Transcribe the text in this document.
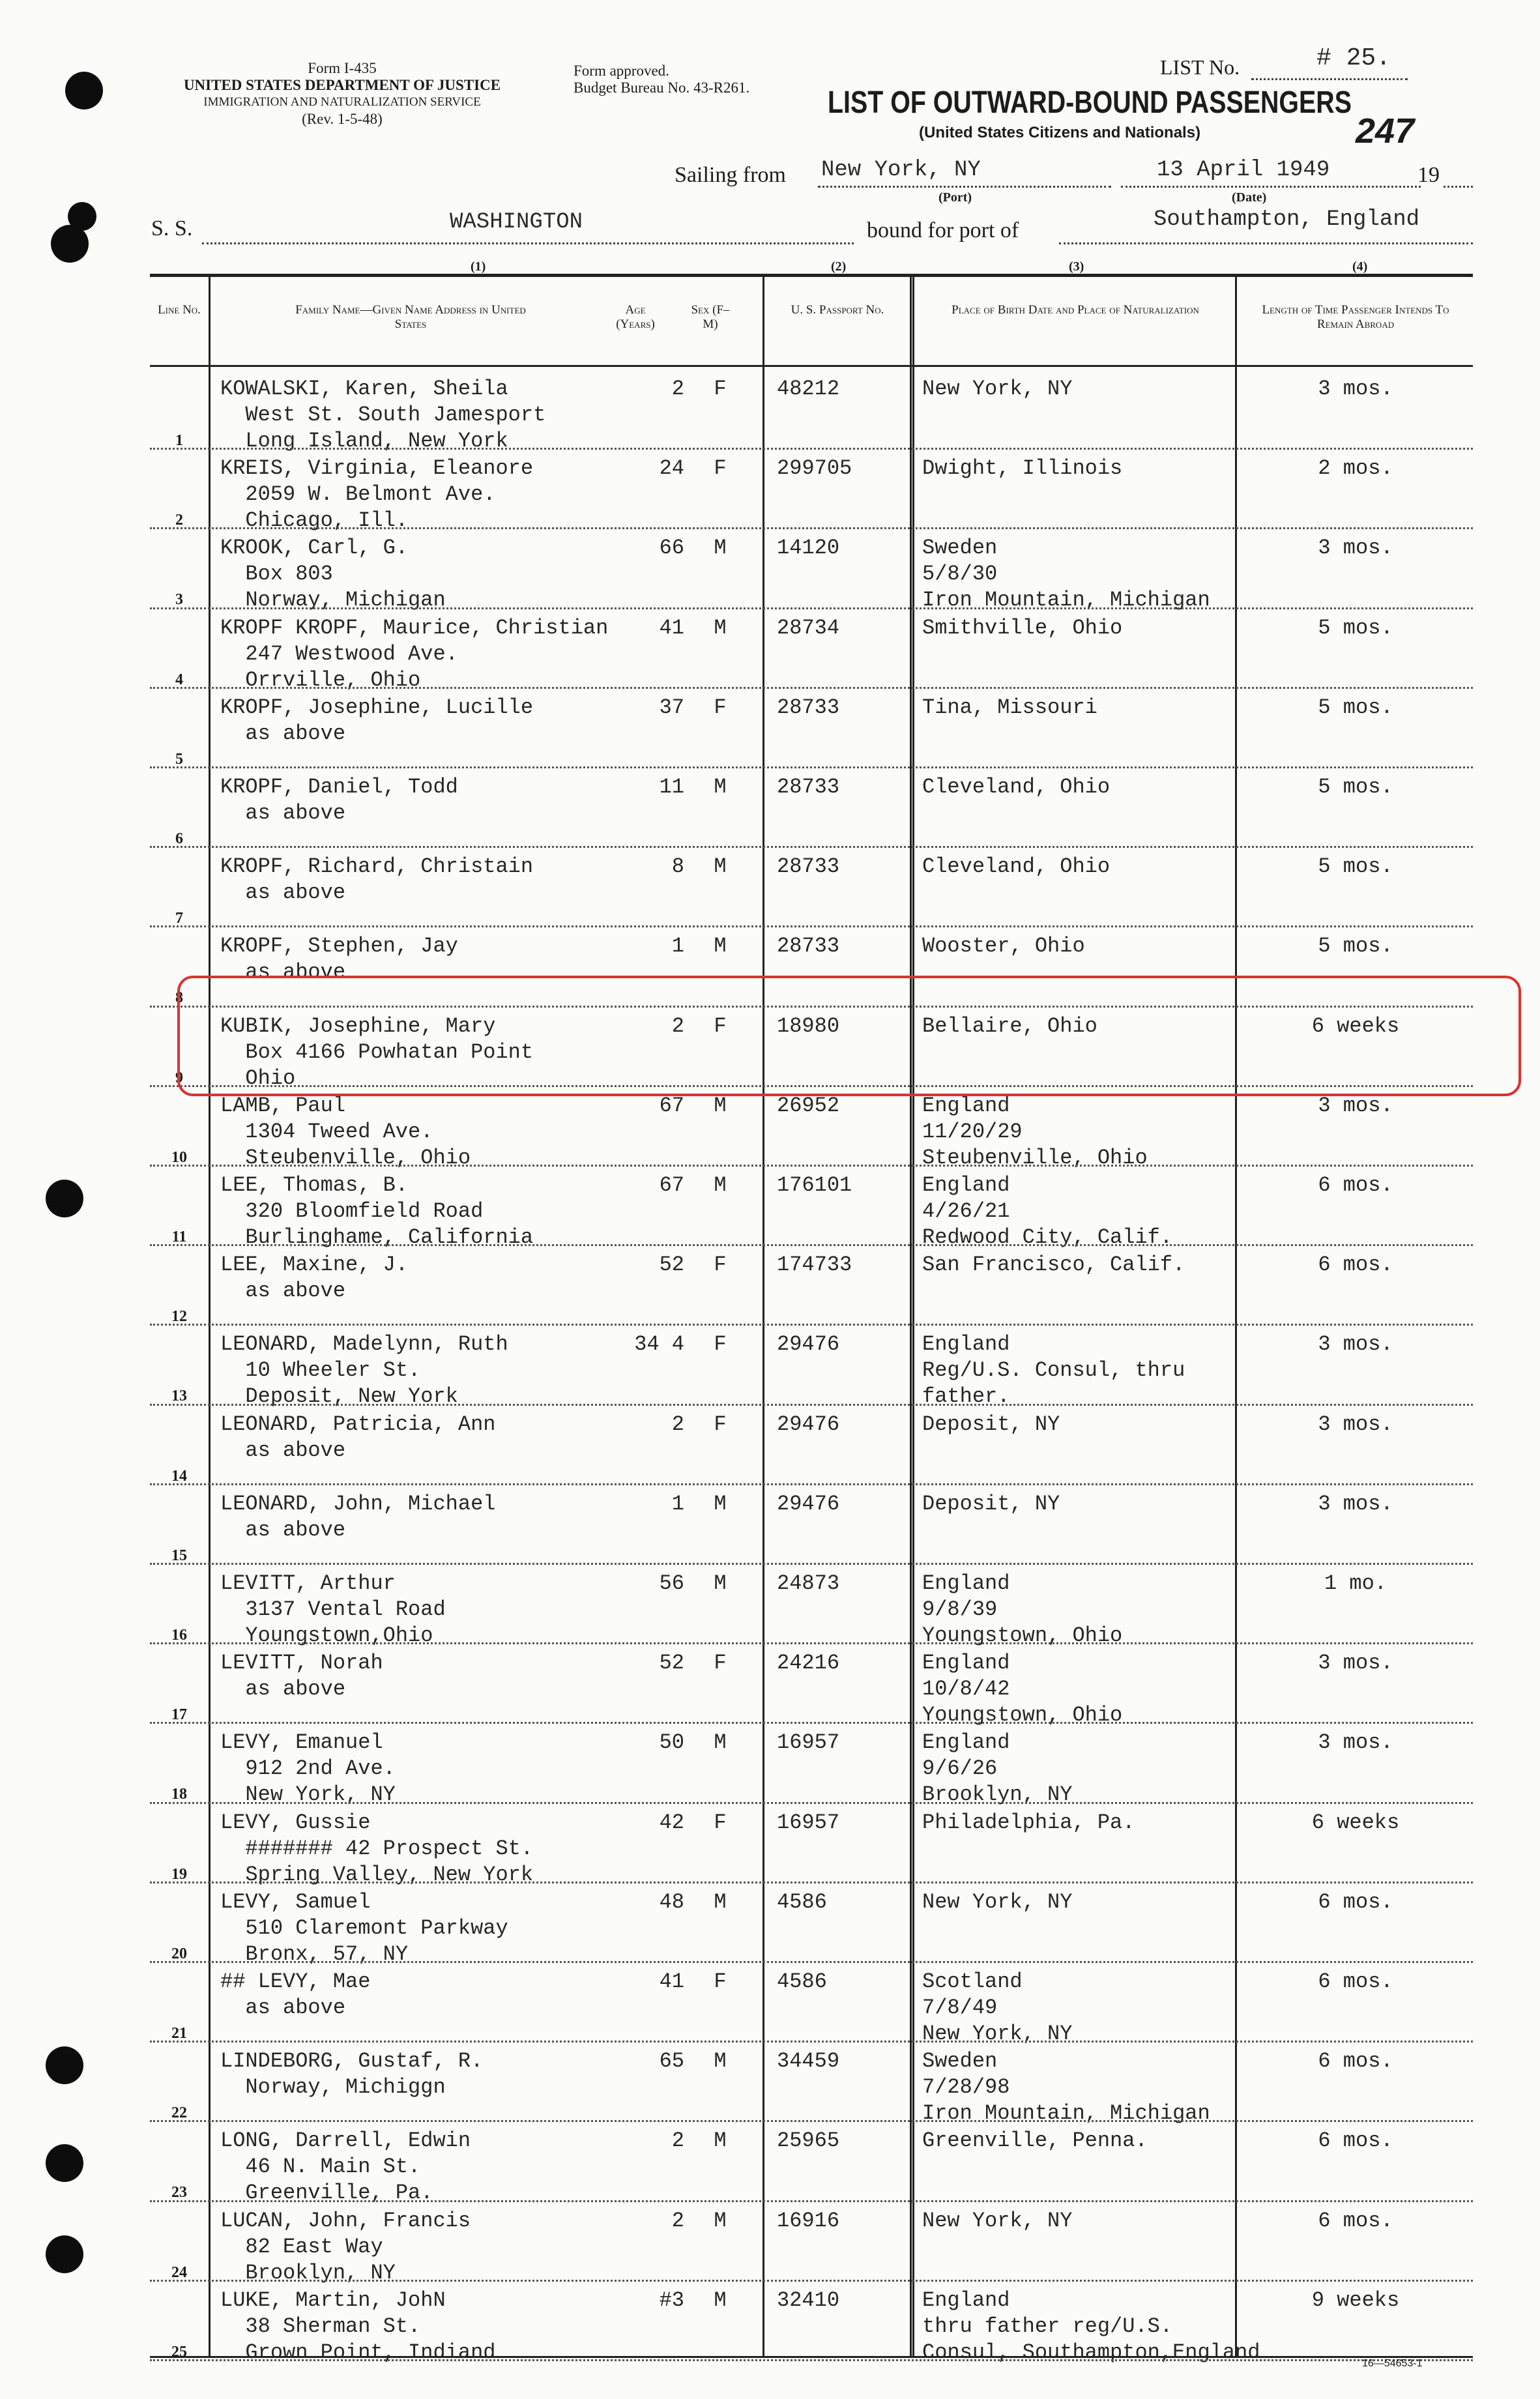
Form I-435
UNITED STATES DEPARTMENT OF JUSTICE
IMMIGRATION AND NATURALIZATION SERVICE
(Rev. 1-5-48)
Form approved.
Budget Bureau No. 43-R261.
LIST No.	# 25.
247
LIST OF OUTWARD-BOUND PASSENGERS
(United States Citizens and Nationals)
Sailing from New York, NY
(Port)
13 April 1949
(Date)
19
S. S.	WASHINGTON
(1)
bound for port of	Southampton, England
(2)	(3)	(4)
Line No.	Family Name—Given Name Address in United States
Age (Years)
Sex (F–M)
U. S. Passport No.	Place of Birth Date and Place of Naturalization	Length of Time Passenger Intends To Remain Abroad
1
KOWALSKI, Karen, Sheila
West St. South Jamesport
Long Island, New York
2	F	48212	New York, NY	3 mos.
2
KREIS, Virginia, Eleanore
2059 W. Belmont Ave.
Chicago, Ill.
24	F	299705	Dwight, Illinois	2 mos.
3
KROOK, Carl, G.
Box 803
Norway, Michigan
66	M	14120	Sweden
5/8/30
Iron Mountain, Michigan
3 mos.
4
KROPF KROPF, Maurice, Christian
247 Westwood Ave.
Orrville, Ohio
41	M	28734	Smithville, Ohio	5 mos.
5
KROPF, Josephine, Lucille
as above
37	F	28733	Tina, Missouri	5 mos.
6
KROPF, Daniel, Todd
as above
11	M	28733	Cleveland, Ohio	5 mos.
7
KROPF, Richard, Christain
as above
8	M	28733	Cleveland, Ohio	5 mos.
8
KROPF, Stephen, Jay
as above
1	M	28733	Wooster, Ohio	5 mos.
9
KUBIK, Josephine, Mary
Box 4166 Powhatan Point
Ohio
2	F	18980	Bellaire, Ohio	6 weeks
10
LAMB, Paul
1304 Tweed Ave.
Steubenville, Ohio
67	M	26952	England
11/20/29
Steubenville, Ohio
3 mos.
11
LEE, Thomas, B.
320 Bloomfield Road
Burlinghame, California
67	M	176101	England
4/26/21
Redwood City, Calif.
6 mos.
12
LEE, Maxine, J.
as above
52	F	174733	San Francisco, Calif.	6 mos.
13
LEONARD, Madelynn, Ruth
10 Wheeler St.
Deposit, New York
34 4	F	29476	England
Reg/U.S. Consul, thru
father.
3 mos.
14
LEONARD, Patricia, Ann
as above
2	F	29476	Deposit, NY	3 mos.
15
LEONARD, John, Michael
as above
1	M	29476	Deposit, NY	3 mos.
16
LEVITT, Arthur
3137 Vental Road
Youngstown,Ohio
56	M	24873	England
9/8/39
Youngstown, Ohio
1 mo.
17
LEVITT, Norah
as above
52	F	24216	England
10/8/42
Youngstown, Ohio
3 mos.
18
LEVY, Emanuel
912 2nd Ave.
New York, NY
50	M	16957	England
9/6/26
Brooklyn, NY
3 mos.
19
LEVY, Gussie
####### 42 Prospect St.
Spring Valley, New York
42	F	16957	Philadelphia, Pa.	6 weeks
20
LEVY, Samuel
510 Claremont Parkway
Bronx, 57, NY
48	M	4586	New York, NY	6 mos.
21
## LEVY, Mae
as above
41	F	4586	Scotland
7/8/49
New York, NY
6 mos.
22
LINDEBORG, Gustaf, R.
Norway, Michiggn
65	M	34459	Sweden
7/28/98
Iron Mountain, Michigan
6 mos.
23
LONG, Darrell, Edwin
46 N. Main St.
Greenville, Pa.
2	M	25965	Greenville, Penna.	6 mos.
24
LUCAN, John, Francis
82 East Way
Brooklyn, NY
2	M	16916	New York, NY	6 mos.
25
LUKE, Martin, JohN
38 Sherman St.
Grown Point, Indiand
#3	M	32410	England
thru father reg/U.S.
Consul, Southampton,England
9 weeks
16—54653-1
